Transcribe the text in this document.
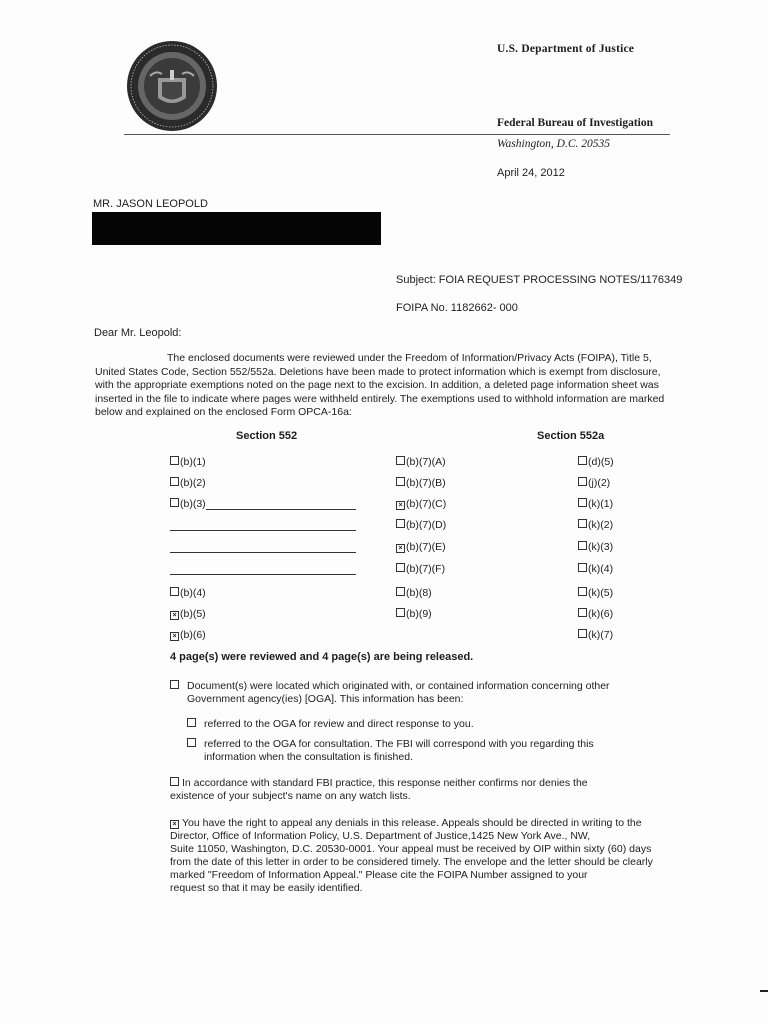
U.S. Department of Justice
Federal Bureau of Investigation
Washington, D.C. 20535
April 24, 2012
MR. JASON LEOPOLD
Subject: FOIA REQUEST PROCESSING NOTES/1176349
FOIPA No. 1182662- 000
Dear Mr. Leopold:
The enclosed documents were reviewed under the Freedom of Information/Privacy Acts (FOIPA), Title 5,
United States Code, Section 552/552a. Deletions have been made to protect information which is exempt from disclosure,
with the appropriate exemptions noted on the page next to the excision. In addition, a deleted page information sheet was
inserted in the file to indicate where pages were withheld entirely. The exemptions used to withhold information are marked
below and explained on the enclosed Form OPCA-16a:
Section 552	Section 552a
(b)(1)
(b)(2)
(b)(3)
(b)(4)
× (b)(5)
× (b)(6)
(b)(7)(A)
(b)(7)(B)
× (b)(7)(C)
(b)(7)(D)
× (b)(7)(E)
(b)(7)(F)
(b)(8)
(b)(9)
(d)(5)
(j)(2)
(k)(1)
(k)(2)
(k)(3)
(k)(4)
(k)(5)
(k)(6)
(k)(7)
4 page(s) were reviewed and 4 page(s) are being released.
Document(s) were located which originated with, or contained information concerning other
Government agency(ies) [OGA]. This information has been:
referred to the OGA for review and direct response to you.
referred to the OGA for consultation. The FBI will correspond with you regarding this
information when the consultation is finished.
In accordance with standard FBI practice, this response neither confirms nor denies the
existence of your subject's name on any watch lists.
× You have the right to appeal any denials in this release. Appeals should be directed in writing to the
Director, Office of Information Policy, U.S. Department of Justice,1425 New York Ave., NW,
Suite 11050, Washington, D.C. 20530-0001. Your appeal must be received by OIP within sixty (60) days
from the date of this letter in order to be considered timely. The envelope and the letter should be clearly
marked "Freedom of Information Appeal." Please cite the FOIPA Number assigned to your
request so that it may be easily identified.
